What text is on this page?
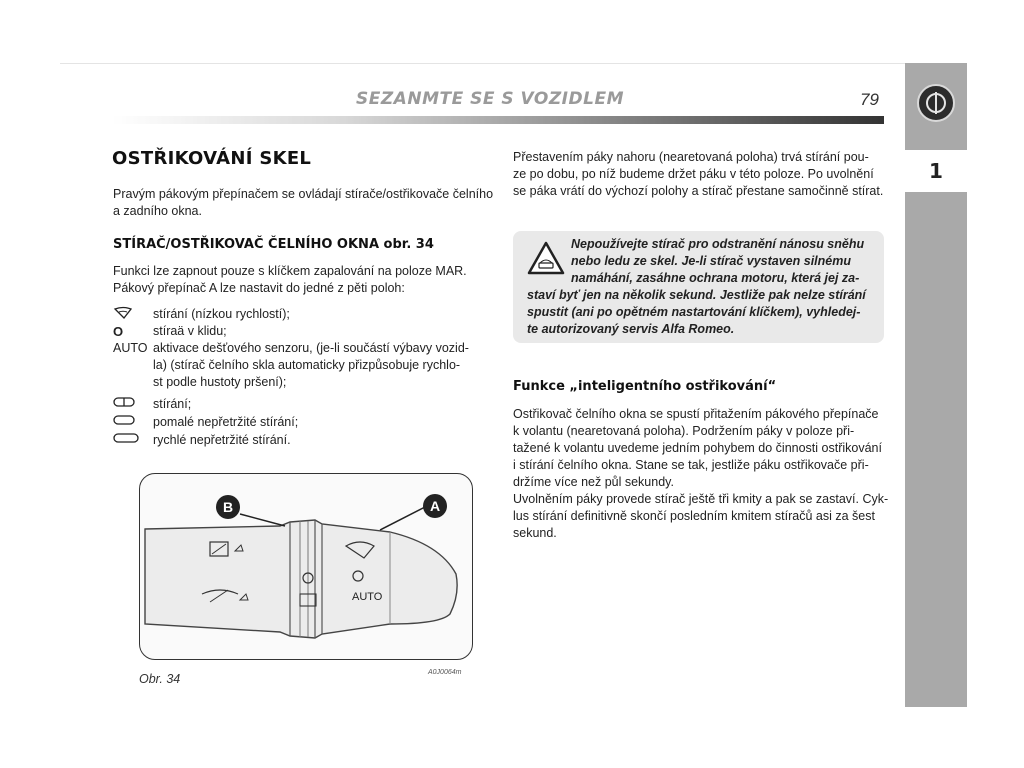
SEZANMTE SE S VOZIDLEM	79
1
OSTŘIKOVÁNÍ SKEL
Pravým pákovým přepínačem se ovládají stírače/ostřikovače čelního
a zadního okna.
STÍRAČ/OSTŘIKOVAČ ČELNÍHO OKNA obr. 34
Funkci lze zapnout pouze s klíčkem zapalování na poloze MAR.
Pákový přepínač A lze nastavit do jedné z pěti poloh:
stírání (nízkou rychlostí);
O	stíraä v klidu;
AUTO aktivace dešťového senzoru, (je-li součástí výbavy vozid-
la) (stírač čelního skla automaticky přizpůsobuje rychlo-
st podle hustoty pršení);
stírání;
pomalé nepřetržité stírání;
rychlé nepřetržité stírání.
B	A
AUTO
Obr. 34	A0J0064m
Přestavením páky nahoru (nearetovaná poloha) trvá stírání pou-
ze po dobu, po níž budeme držet páku v této poloze. Po uvolnění
se páka vrátí do výchozí polohy a stírač přestane samočinně stírat.
Nepoužívejte stírač pro odstranění nánosu sněhu
nebo ledu ze skel. Je-li stírač vystaven silnému
namáhání, zasáhne ochrana motoru, která jej za-
staví byť jen na několik sekund. Jestliže pak nelze stírání
spustit (ani po opětném nastartování klíčkem), vyhledej-
te autorizovaný servis Alfa Romeo.
Funkce „inteligentního ostřikování“
Ostřikovač čelního okna se spustí přitažením pákového přepínače
k volantu (nearetovaná poloha). Podržením páky v poloze při-
tažené k volantu uvedeme jedním pohybem do činnosti ostřikování
i stírání čelního okna. Stane se tak, jestliže páku ostřikovače při-
držíme více než půl sekundy.
Uvolněním páky provede stírač ještě tři kmity a pak se zastaví. Cyk-
lus stírání definitivně skončí posledním kmitem stíračů asi za šest
sekund.
